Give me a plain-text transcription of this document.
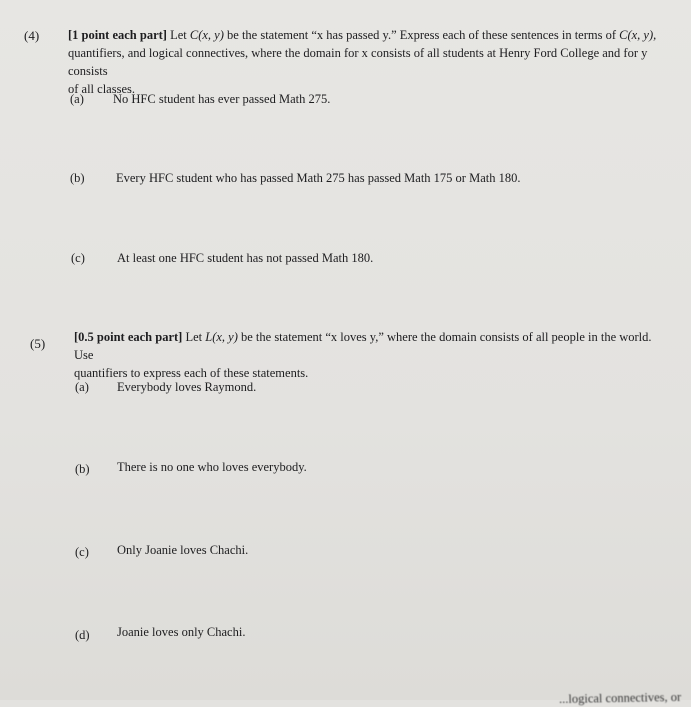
(4) [1 point each part] Let C(x, y) be the statement “x has passed y.” Express each of these sentences in terms of C(x, y),
quantifiers, and logical connectives, where the domain for x consists of all students at Henry Ford College and for y consists
of all classes.
(a) No HFC student has ever passed Math 275.
(b)	Every HFC student who has passed Math 275 has passed Math 175 or Math 180.
(c)	At least one HFC student has not passed Math 180.
(5) [0.5 point each part] Let L(x, y) be the statement “x loves y,” where the domain consists of all people in the world. Use
quantifiers to express each of these statements.
(a) Everybody loves Raymond.
(b) There is no one who loves everybody.
(c) Only Joanie loves Chachi.
(d) Joanie loves only Chachi.
...logical connectives, or
